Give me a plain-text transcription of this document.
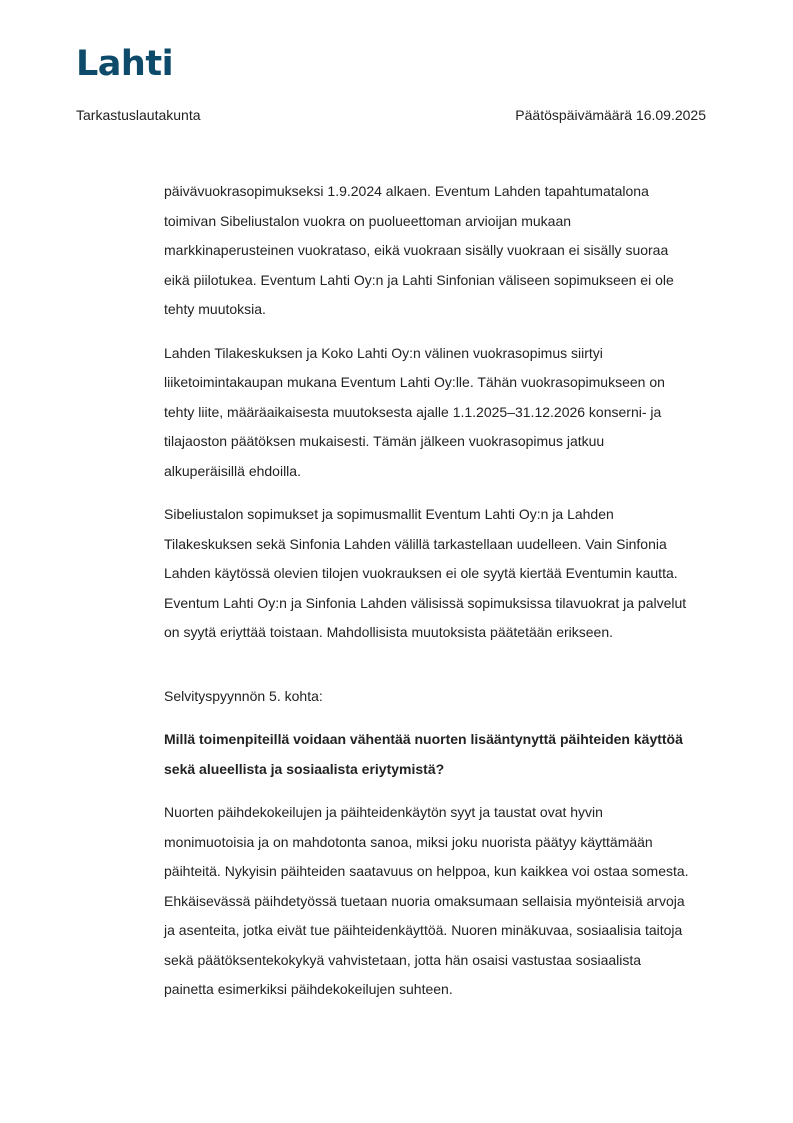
Lahti
Tarkastuslautakunta	Päätöspäivämäärä 16.09.2025

päivävuokrasopimukseksi 1.9.2024 alkaen. Eventum Lahden tapahtumatalona
toimivan Sibeliustalon vuokra on puolueettoman arvioijan mukaan
markkinaperusteinen vuokrataso, eikä vuokraan sisälly vuokraan ei sisälly suoraa
eikä piilotukea. Eventum Lahti Oy:n ja Lahti Sinfonian väliseen sopimukseen ei ole
tehty muutoksia.

Lahden Tilakeskuksen ja Koko Lahti Oy:n välinen vuokrasopimus siirtyi
liiketoimintakaupan mukana Eventum Lahti Oy:lle. Tähän vuokrasopimukseen on
tehty liite, määräaikaisesta muutoksesta ajalle 1.1.2025–31.12.2026 konserni- ja
tilajaoston päätöksen mukaisesti. Tämän jälkeen vuokrasopimus jatkuu
alkuperäisillä ehdoilla.

Sibeliustalon sopimukset ja sopimusmallit Eventum Lahti Oy:n ja Lahden
Tilakeskuksen sekä Sinfonia Lahden välillä tarkastellaan uudelleen. Vain Sinfonia
Lahden käytössä olevien tilojen vuokrauksen ei ole syytä kiertää Eventumin kautta.
Eventum Lahti Oy:n ja Sinfonia Lahden välisissä sopimuksissa tilavuokrat ja palvelut
on syytä eriyttää toistaan. Mahdollisista muutoksista päätetään erikseen.

Selvityspyynnön 5. kohta:

Millä toimenpiteillä voidaan vähentää nuorten lisääntynyttä päihteiden käyttöä
sekä alueellista ja sosiaalista eriytymistä?

Nuorten päihdekokeilujen ja päihteidenkäytön syyt ja taustat ovat hyvin
monimuotoisia ja on mahdotonta sanoa, miksi joku nuorista päätyy käyttämään
päihteitä. Nykyisin päihteiden saatavuus on helppoa, kun kaikkea voi ostaa somesta.
Ehkäisevässä päihdetyössä tuetaan nuoria omaksumaan sellaisia myönteisiä arvoja
ja asenteita, jotka eivät tue päihteidenkäyttöä. Nuoren minäkuvaa, sosiaalisia taitoja
sekä päätöksentekokykyä vahvistetaan, jotta hän osaisi vastustaa sosiaalista
painetta esimerkiksi päihdekokeilujen suhteen.
